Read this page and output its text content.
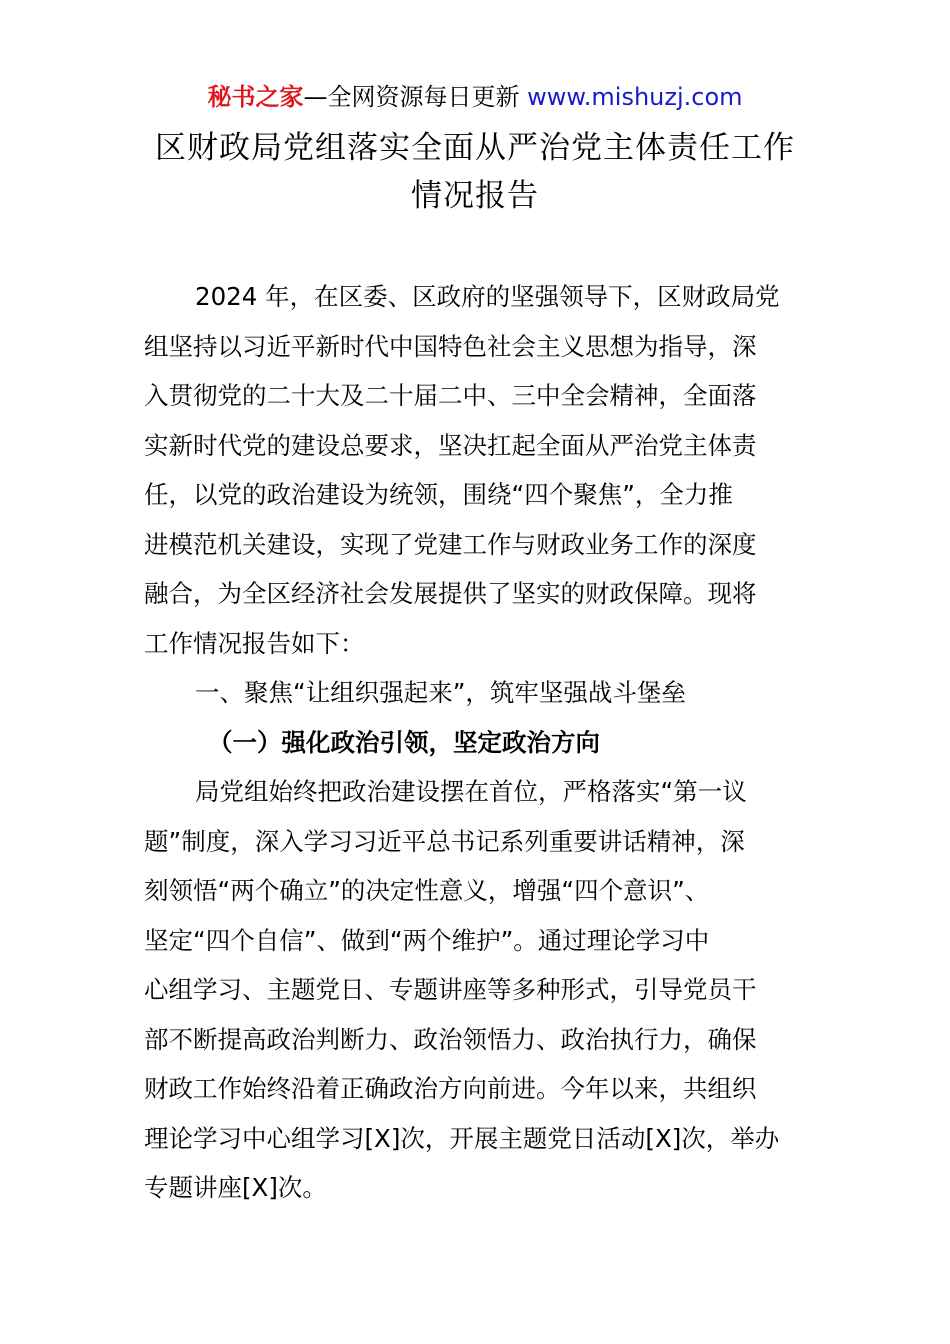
秘书之家—全网资源每日更新 www.mishuzj.com
区财政局党组落实全面从严治党主体责任工作
情况报告
2024 年，在区委、区政府的坚强领导下，区财政局党
组坚持以习近平新时代中国特色社会主义思想为指导，深
入贯彻党的二十大及二十届二中、三中全会精神，全面落
实新时代党的建设总要求，坚决扛起全面从严治党主体责
任，以党的政治建设为统领，围绕“四个聚焦”，全力推
进模范机关建设，实现了党建工作与财政业务工作的深度
融合，为全区经济社会发展提供了坚实的财政保障。现将
工作情况报告如下：
一、聚焦“让组织强起来”，筑牢坚强战斗堡垒
（一）强化政治引领，坚定政治方向
局党组始终把政治建设摆在首位，严格落实“第一议
题”制度，深入学习习近平总书记系列重要讲话精神，深
刻领悟“两个确立”的决定性意义，增强“四个意识”、
坚定“四个自信”、做到“两个维护”。通过理论学习中
心组学习、主题党日、专题讲座等多种形式，引导党员干
部不断提高政治判断力、政治领悟力、政治执行力，确保
财政工作始终沿着正确政治方向前进。今年以来，共组织
理论学习中心组学习[X]次，开展主题党日活动[X]次，举办
专题讲座[X]次。
